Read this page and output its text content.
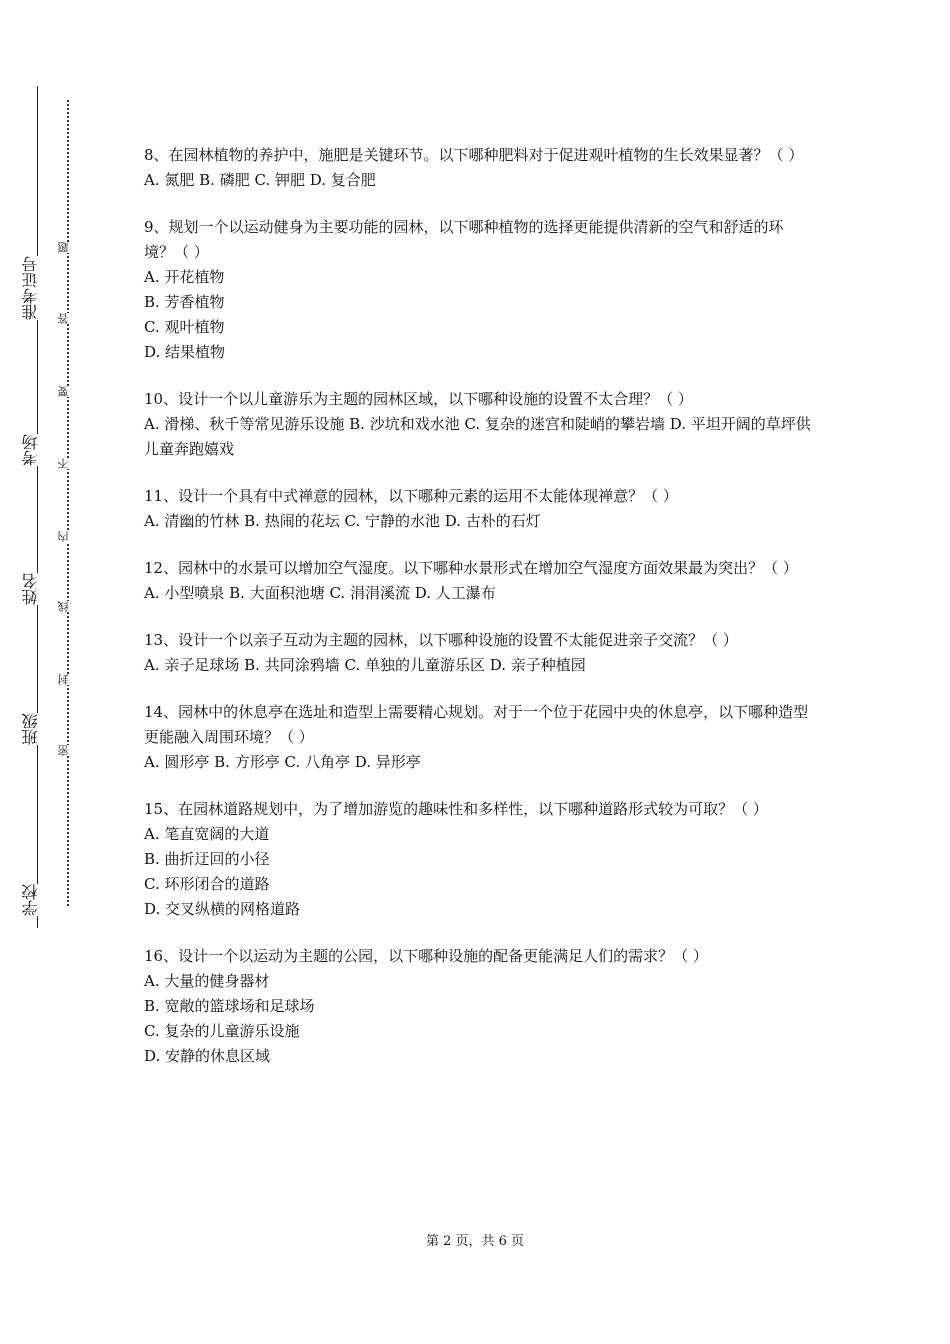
准考证号
考场
姓名
班级
学校
题
答
要
不
内
线
封
密

8、在园林植物的养护中，施肥是关键环节。以下哪种肥料对于促进观叶植物的生长效果显著？（ ）

A. 氮肥 B. 磷肥 C. 钾肥 D. 复合肥

9、规划一个以运动健身为主要功能的园林，以下哪种植物的选择更能提供清新的空气和舒适的环境？（ ）

A. 开花植物

B. 芳香植物

C. 观叶植物

D. 结果植物

10、设计一个以儿童游乐为主题的园林区域，以下哪种设施的设置不太合理？（ ）

A. 滑梯、秋千等常见游乐设施 B. 沙坑和戏水池 C. 复杂的迷宫和陡峭的攀岩墙 D. 平坦开阔的草坪供儿童奔跑嬉戏

11、设计一个具有中式禅意的园林，以下哪种元素的运用不太能体现禅意？（ ）

A. 清幽的竹林 B. 热闹的花坛 C. 宁静的水池 D. 古朴的石灯

12、园林中的水景可以增加空气湿度。以下哪种水景形式在增加空气湿度方面效果最为突出？（ ）

A. 小型喷泉 B. 大面积池塘 C. 涓涓溪流 D. 人工瀑布

13、设计一个以亲子互动为主题的园林，以下哪种设施的设置不太能促进亲子交流？（ ）

A. 亲子足球场 B. 共同涂鸦墙 C. 单独的儿童游乐区 D. 亲子种植园

14、园林中的休息亭在选址和造型上需要精心规划。对于一个位于花园中央的休息亭，以下哪种造型更能融入周围环境？（ ）

A. 圆形亭 B. 方形亭 C. 八角亭 D. 异形亭

15、在园林道路规划中，为了增加游览的趣味性和多样性，以下哪种道路形式较为可取？（ ）

A. 笔直宽阔的大道

B. 曲折迂回的小径

C. 环形闭合的道路

D. 交叉纵横的网格道路

16、设计一个以运动为主题的公园，以下哪种设施的配备更能满足人们的需求？（ ）

A. 大量的健身器材

B. 宽敞的篮球场和足球场

C. 复杂的儿童游乐设施

D. 安静的休息区域

第 2 页，共 6 页
